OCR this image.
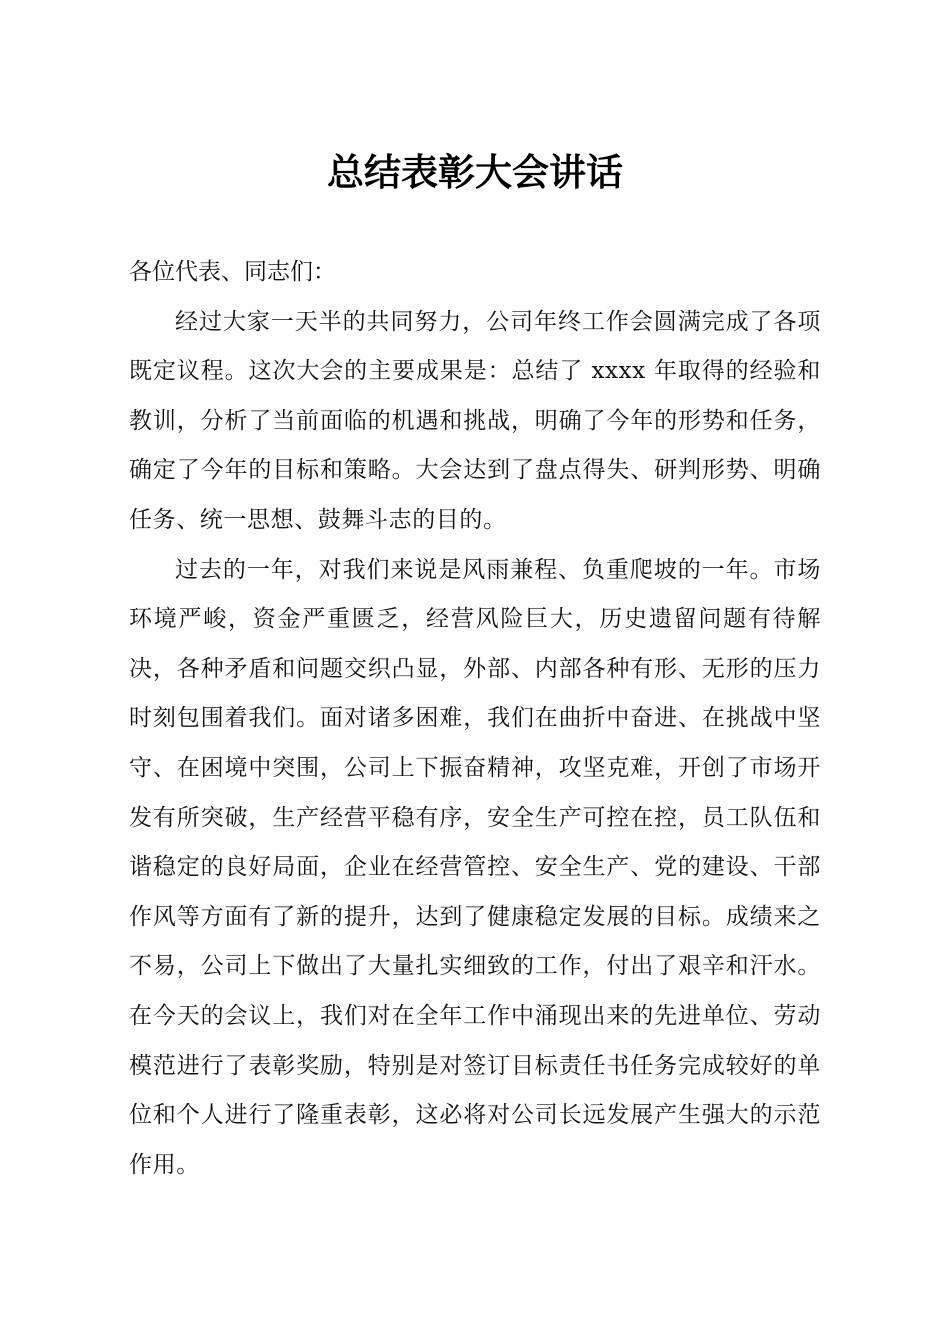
总结表彰大会讲话

各位代表、同志们：

经过大家一天半的共同努力，公司年终工作会圆满完成了各项既定议程。这次大会的主要成果是：总结了 xxxx 年取得的经验和教训，分析了当前面临的机遇和挑战，明确了今年的形势和任务，确定了今年的目标和策略。大会达到了盘点得失、研判形势、明确任务、统一思想、鼓舞斗志的目的。

过去的一年，对我们来说是风雨兼程、负重爬坡的一年。市场环境严峻，资金严重匮乏，经营风险巨大，历史遗留问题有待解决，各种矛盾和问题交织凸显，外部、内部各种有形、无形的压力时刻包围着我们。面对诸多困难，我们在曲折中奋进、在挑战中坚守、在困境中突围，公司上下振奋精神，攻坚克难，开创了市场开发有所突破，生产经营平稳有序，安全生产可控在控，员工队伍和谐稳定的良好局面，企业在经营管控、安全生产、党的建设、干部作风等方面有了新的提升，达到了健康稳定发展的目标。成绩来之不易，公司上下做出了大量扎实细致的工作，付出了艰辛和汗水。在今天的会议上，我们对在全年工作中涌现出来的先进单位、劳动模范进行了表彰奖励，特别是对签订目标责任书任务完成较好的单位和个人进行了隆重表彰，这必将对公司长远发展产生强大的示范作用。
